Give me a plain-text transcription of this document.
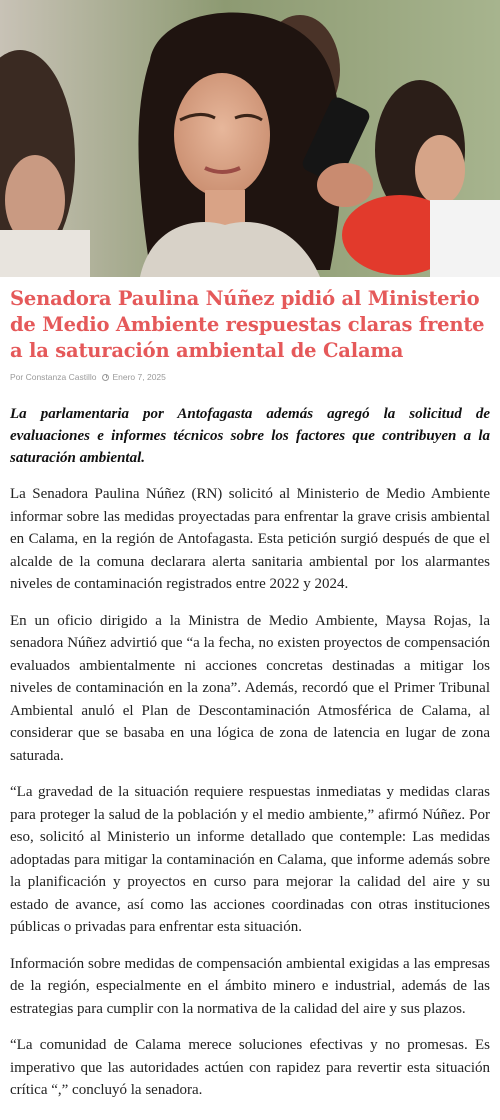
Senadora Paulina Núñez pidió al Ministerio de Medio Ambiente respuestas claras frente a la saturación ambiental de Calama
Por Constanza Castillo Enero 7, 2025

La parlamentaria por Antofagasta además agregó la solicitud de evaluaciones e informes técnicos sobre los factores que contribuyen a la saturación ambiental.

La Senadora Paulina Núñez (RN) solicitó al Ministerio de Medio Ambiente informar sobre las medidas proyectadas para enfrentar la grave crisis ambiental en Calama, en la región de Antofagasta. Esta petición surgió después de que el alcalde de la comuna declarara alerta sanitaria ambiental por los alarmantes niveles de contaminación registrados entre 2022 y 2024.

En un oficio dirigido a la Ministra de Medio Ambiente, Maysa Rojas, la senadora Núñez advirtió que “a la fecha, no existen proyectos de compensación evaluados ambientalmente ni acciones concretas destinadas a mitigar los niveles de contaminación en la zona”. Además, recordó que el Primer Tribunal Ambiental anuló el Plan de Descontaminación Atmosférica de Calama, al considerar que se basaba en una lógica de zona de latencia en lugar de zona saturada.

“La gravedad de la situación requiere respuestas inmediatas y medidas claras para proteger la salud de la población y el medio ambiente,” afirmó Núñez. Por eso, solicitó al Ministerio un informe detallado que contemple: Las medidas adoptadas para mitigar la contaminación en Calama, que informe además sobre la planificación y proyectos en curso para mejorar la calidad del aire y su estado de avance, así como las acciones coordinadas con otras instituciones públicas o privadas para enfrentar esta situación.

Información sobre medidas de compensación ambiental exigidas a las empresas de la región, especialmente en el ámbito minero e industrial, además de las estrategias para cumplir con la normativa de la calidad del aire y sus plazos.

“La comunidad de Calama merece soluciones efectivas y no promesas. Es imperativo que las autoridades actúen con rapidez para revertir esta situación crítica “,” concluyó la senadora.
